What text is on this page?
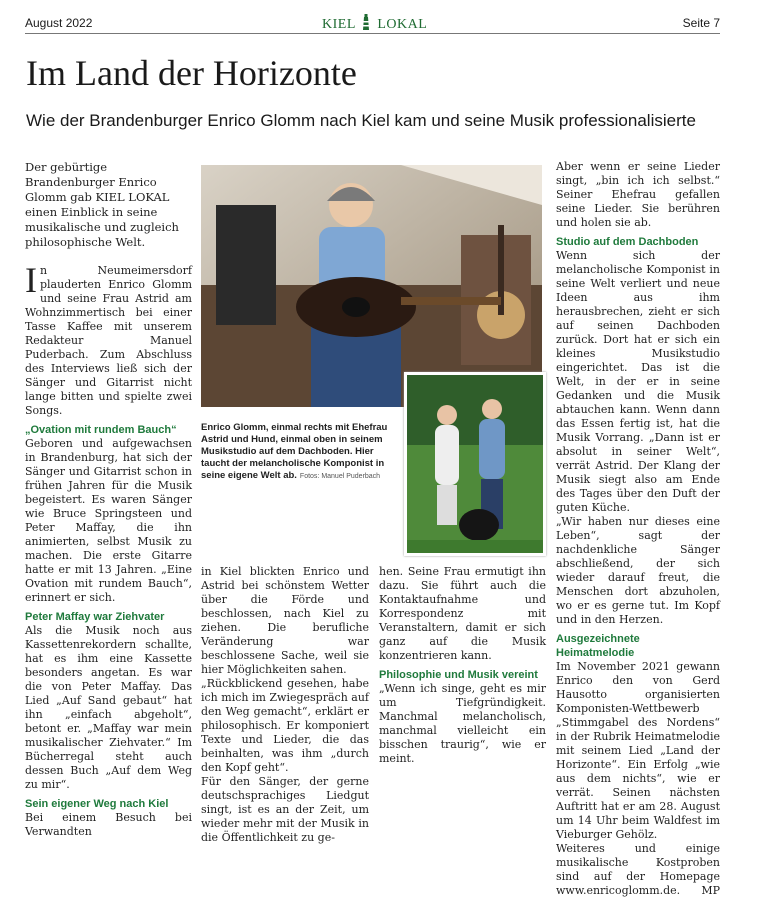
August 2022	KIEL LOKAL	Seite 7
Im Land der Horizonte

Wie der Brandenburger Enrico Glomm nach Kiel kam und seine Musik professionalisierte

Der gebürtige Brandenburger Enrico Glomm gab KIEL LOKAL einen Einblick in seine musikalische und zugleich philosophische Welt.

In Neumeimersdorf plauderten Enrico Glomm und seine Frau Astrid am Wohnzimmertisch bei einer Tasse Kaffee mit unserem Redakteur Manuel Puderbach. Zum Abschluss des Interviews ließ sich der Sänger und Gitarrist nicht lange bitten und spielte zwei Songs.

„Ovation mit rundem Bauch“

Geboren und aufgewachsen in Brandenburg, hat sich der Sänger und Gitarrist schon in frühen Jahren für die Musik begeistert. Es waren Sänger wie Bruce Springsteen und Peter Maffay, die ihn animierten, selbst Musik zu machen. Die erste Gitarre hatte er mit 13 Jahren. „Eine Ovation mit rundem Bauch“, erinnert er sich.

Peter Maffay war Ziehvater

Als die Musik noch aus Kassettenrekordern schallte, hat es ihm eine Kassette besonders angetan. Es war die von Peter Maffay. Das Lied „Auf Sand gebaut“ hat ihn „einfach abgeholt“, betont er. „Maffay war mein musikalischer Ziehvater.“ Im Bücherregal steht auch dessen Buch „Auf dem Weg zu mir“.

Sein eigener Weg nach Kiel

Bei einem Besuch bei Verwandten

Enrico Glomm, einmal rechts mit Ehefrau Astrid und Hund, einmal oben in seinem Musikstudio auf dem Dachboden. Hier taucht der melancholische Komponist in seine eigene Welt ab. Fotos: Manuel Puderbach

in Kiel blickten Enrico und Astrid bei schönstem Wetter über die Förde und beschlossen, nach Kiel zu ziehen. Die berufliche Veränderung war beschlossene Sache, weil sie hier Möglichkeiten sahen.

„Rückblickend gesehen, habe ich mich im Zwiegespräch auf den Weg gemacht“, erklärt er philosophisch. Er komponiert Texte und Lieder, die das beinhalten, was ihm „durch den Kopf geht“.

Für den Sänger, der gerne deutschsprachiges Liedgut singt, ist es an der Zeit, um wieder mehr mit der Musik in die Öffentlichkeit zu ge-

hen. Seine Frau ermutigt ihn dazu. Sie führt auch die Kontaktaufnahme und Korrespondenz mit Veranstaltern, damit er sich ganz auf die Musik konzentrieren kann.

Philosophie und Musik vereint

„Wenn ich singe, geht es mir um Tiefgründigkeit. Manchmal melancholisch, manchmal vielleicht ein bisschen traurig“, wie er meint.

Aber wenn er seine Lieder singt, „bin ich ich selbst.“ Seiner Ehefrau gefallen seine Lieder. Sie berühren und holen sie ab.

Studio auf dem Dachboden

Wenn sich der melancholische Komponist in seine Welt verliert und neue Ideen aus ihm herausbrechen, zieht er sich auf seinen Dachboden zurück. Dort hat er sich ein kleines Musikstudio eingerichtet. Das ist die Welt, in der er in seine Gedanken und die Musik abtauchen kann. Wenn dann das Essen fertig ist, hat die Musik Vorrang. „Dann ist er absolut in seiner Welt“, verrät Astrid. Der Klang der Musik siegt also am Ende des Tages über den Duft der guten Küche.

„Wir haben nur dieses eine Leben“, sagt der nachdenkliche Sänger abschließend, der sich wieder darauf freut, die Menschen dort abzuholen, wo er es gerne tut. Im Kopf und in den Herzen.

Ausgezeichnete Heimatmelodie

Im November 2021 gewann Enrico den von Gerd Hausotto organisierten Komponisten-Wettbewerb „Stimmgabel des Nordens“ in der Rubrik Heimatmelodie mit seinem Lied „Land der Horizonte“. Ein Erfolg „wie aus dem nichts“, wie er verrät. Seinen nächsten Auftritt hat er am 28. August um 14 Uhr beim Waldfest im Vieburger Gehölz.

Weiteres und einige musikalische Kostproben sind auf der Homepage www.enricoglomm.de. MP
